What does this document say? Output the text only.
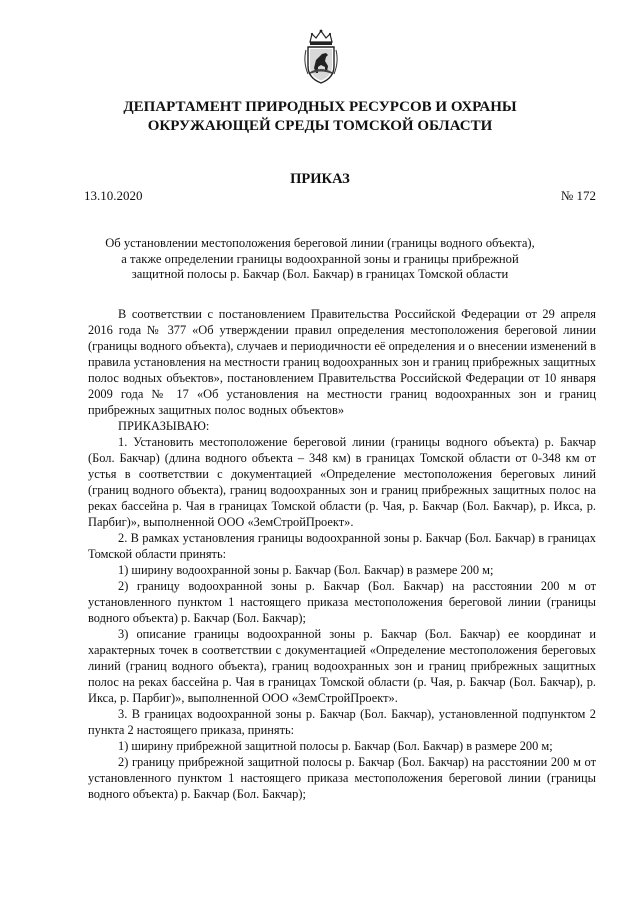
ДЕПАРТАМЕНТ ПРИРОДНЫХ РЕСУРСОВ И ОХРАНЫ ОКРУЖАЮЩЕЙ СРЕДЫ ТОМСКОЙ ОБЛАСТИ
ПРИКАЗ
13.10.2020	№ 172
Об установлении местоположения береговой линии (границы водного объекта),
а также определении границы водоохранной зоны и границы прибрежной
защитной полосы р. Бакчар (Бол. Бакчар) в границах Томской области

В соответствии с постановлением Правительства Российской Федерации от 29 апреля 2016 года № 377 «Об утверждении правил определения местоположения береговой линии (границы водного объекта), случаев и периодичности её определения и о внесении изменений в правила установления на местности границ водоохранных зон и границ прибрежных защитных полос водных объектов», постановлением Правительства Российской Федерации от 10 января 2009 года № 17 «Об установления на местности границ водоохранных зон и границ прибрежных защитных полос водных объектов»

ПРИКАЗЫВАЮ:

1. Установить местоположение береговой линии (границы водного объекта) р. Бакчар (Бол. Бакчар) (длина водного объекта – 348 км) в границах Томской области от 0-348 км от устья в соответствии с документацией «Определение местоположения береговых линий (границ водного объекта), границ водоохранных зон и границ прибрежных защитных полос на реках бассейна р. Чая в границах Томской области (р. Чая, р. Бакчар (Бол. Бакчар), р. Икса, р. Парбиг)», выполненной ООО «ЗемСтройПроект».

2. В рамках установления границы водоохранной зоны р. Бакчар (Бол. Бакчар) в границах Томской области принять:

1) ширину водоохранной зоны р. Бакчар (Бол. Бакчар) в размере 200 м;

2) границу водоохранной зоны р. Бакчар (Бол. Бакчар) на расстоянии 200 м от установленного пунктом 1 настоящего приказа местоположения береговой линии (границы водного объекта) р. Бакчар (Бол. Бакчар);

3) описание границы водоохранной зоны р. Бакчар (Бол. Бакчар) ее координат и характерных точек в соответствии с документацией «Определение местоположения береговых линий (границ водного объекта), границ водоохранных зон и границ прибрежных защитных полос на реках бассейна р. Чая в границах Томской области (р. Чая, р. Бакчар (Бол. Бакчар), р. Икса, р. Парбиг)», выполненной ООО «ЗемСтройПроект».

3. В границах водоохранной зоны р. Бакчар (Бол. Бакчар), установленной подпунктом 2 пункта 2 настоящего приказа, принять:

1) ширину прибрежной защитной полосы р. Бакчар (Бол. Бакчар) в размере 200 м;

2) границу прибрежной защитной полосы р. Бакчар (Бол. Бакчар) на расстоянии 200 м от установленного пунктом 1 настоящего приказа местоположения береговой линии (границы водного объекта) р. Бакчар (Бол. Бакчар);
